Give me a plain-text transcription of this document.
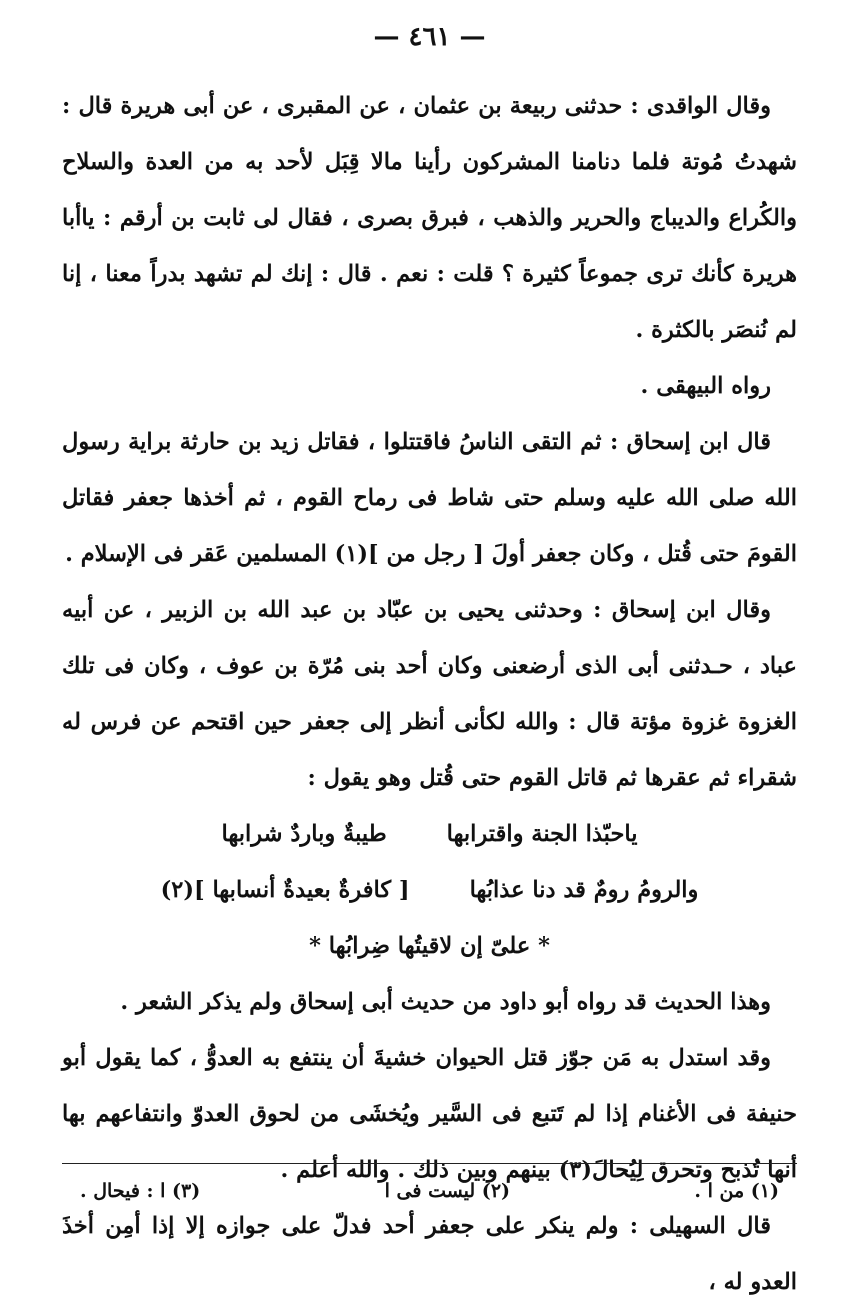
— ٤٦١ —

وقال الواقدى : حدثنى ربيعة بن عثمان ، عن المقبرى ، عن أبى هريرة قال : شهدتُ مُوتة فلما دنامنا المشركون رأينا مالا قِبَل لأحد به من العدة والسلاح والكُراع والديباج والحرير والذهب ، فبرق بصرى ، فقال لى ثابت بن أرقم : ياأبا هريرة كأنك ترى جموعاً كثيرة ؟ قلت : نعم . قال : إنك لم تشهد بدراً معنا ، إنا لم نُنصَر بالكثرة .

رواه البيهقى .

قال ابن إسحاق : ثم التقى الناسُ فاقتتلوا ، فقاتل زيد بن حارثة براية رسول الله صلى الله عليه وسلم حتى شاط فى رماح القوم ، ثم أخذها جعفر فقاتل القومَ حتى قُتل ، وكان جعفر أولَ [ رجل من ](١) المسلمين عَقر فى الإسلام .

وقال ابن إسحاق : وحدثنى يحيى بن عبّاد بن عبد الله بن الزبير ، عن أبيه عباد ، حـدثنى أبى الذى أرضعنى وكان أحد بنى مُرّة بن عوف ، وكان فى تلك الغزوة غزوة مؤتة قال : والله لكأنى أنظر إلى جعفر حين اقتحم عن فرس له شقراء ثم عقرها ثم قاتل القوم حتى قُتل وهو يقول :

ياحبّذا الجنة واقترابها
طيبةٌ وباردٌ شرابها
والرومُ رومٌ قد دنا عذابُها
[ كافرةٌ بعيدةٌ أنسابها ](٢)
* علىّ إن لاقيتُها ضِرابُها *

وهذا الحديث قد رواه أبو داود من حديث أبى إسحاق ولم يذكر الشعر .

وقد استدل به مَن جوّز قتل الحيوان خشيةَ أن ينتفع به العدوُّ ، كما يقول أبو حنيفة فى الأغنام إذا لم تَتبع فى السَّير ويُخشَى من لحوق العدوّ وانتفاعهم بها أنها تُذبح وتحرق لِيُحالَ(٣) بينهم وبين ذلك . والله أعلم .

قال السهيلى : ولم ينكر على جعفر أحد فدلّ على جوازه إلا إذا أمِن أخذَ العدو له ،

(١) من ا .
(٢) ليست فى ا
(٣) ا : فيحال .
